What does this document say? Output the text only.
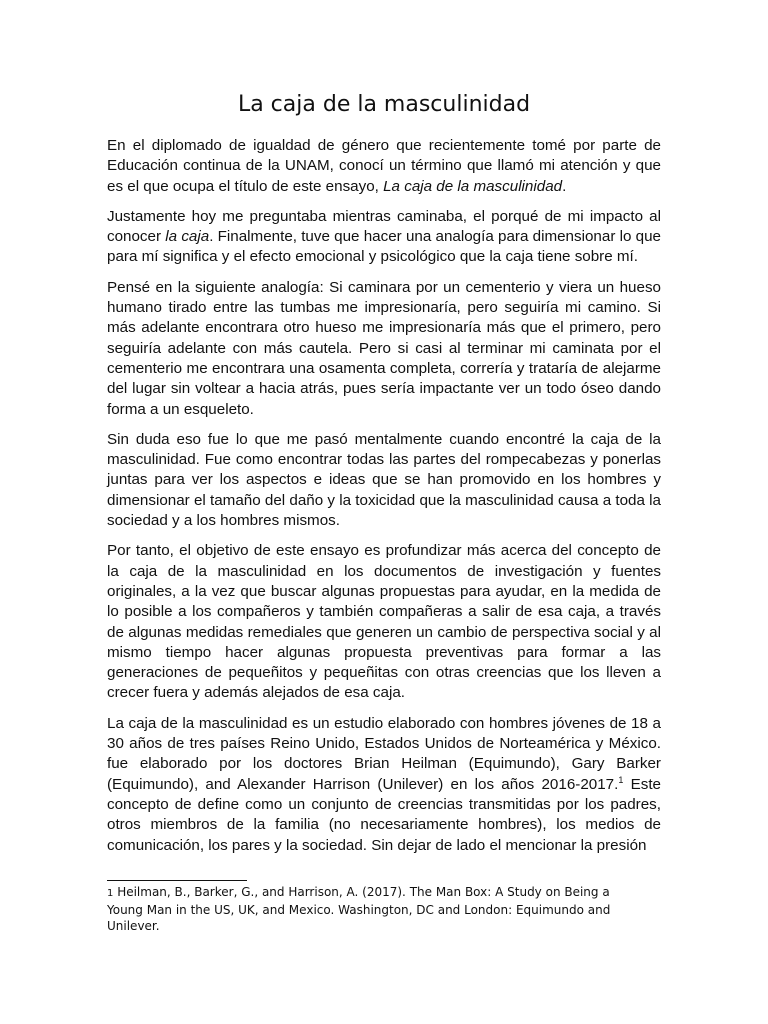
La caja de la masculinidad

En el diplomado de igualdad de género que recientemente tomé por parte de Educación continua de la UNAM, conocí un término que llamó mi atención y que es el que ocupa el título de este ensayo, La caja de la masculinidad.

Justamente hoy me preguntaba mientras caminaba, el porqué de mi impacto al conocer la caja. Finalmente, tuve que hacer una analogía para dimensionar lo que para mí significa y el efecto emocional y psicológico que la caja tiene sobre mí.

Pensé en la siguiente analogía: Si caminara por un cementerio y viera un hueso humano tirado entre las tumbas me impresionaría, pero seguiría mi camino. Si más adelante encontrara otro hueso me impresionaría más que el primero, pero seguiría adelante con más cautela. Pero si casi al terminar mi caminata por el cementerio me encontrara una osamenta completa, correría y trataría de alejarme del lugar sin voltear a hacia atrás, pues sería impactante ver un todo óseo dando forma a un esqueleto.

Sin duda eso fue lo que me pasó mentalmente cuando encontré la caja de la masculinidad. Fue como encontrar todas las partes del rompecabezas y ponerlas juntas para ver los aspectos e ideas que se han promovido en los hombres y dimensionar el tamaño del daño y la toxicidad que la masculinidad causa a toda la sociedad y a los hombres mismos.

Por tanto, el objetivo de este ensayo es profundizar más acerca del concepto de la caja de la masculinidad en los documentos de investigación y fuentes originales, a la vez que buscar algunas propuestas para ayudar, en la medida de lo posible a los compañeros y también compañeras a salir de esa caja, a través de algunas medidas remediales que generen un cambio de perspectiva social y al mismo tiempo hacer algunas propuesta preventivas para formar a las generaciones de pequeñitos y pequeñitas con otras creencias que los lleven a crecer fuera y además alejados de esa caja.

La caja de la masculinidad es un estudio elaborado con hombres jóvenes de 18 a 30 años de tres países Reino Unido, Estados Unidos de Norteamérica y México. fue elaborado por los doctores Brian Heilman (Equimundo), Gary Barker (Equimundo), and Alexander Harrison (Unilever) en los años 2016-2017.$^1$ Este concepto de define como un conjunto de creencias transmitidas por los padres, otros miembros de la familia (no necesariamente hombres), los medios de comunicación, los pares y la sociedad. Sin dejar de lado el mencionar la presión

1 Heilman, B., Barker, G., and Harrison, A. (2017). The Man Box: A Study on Being a Young Man in the US, UK, and Mexico. Washington, DC and London: Equimundo and Unilever.
